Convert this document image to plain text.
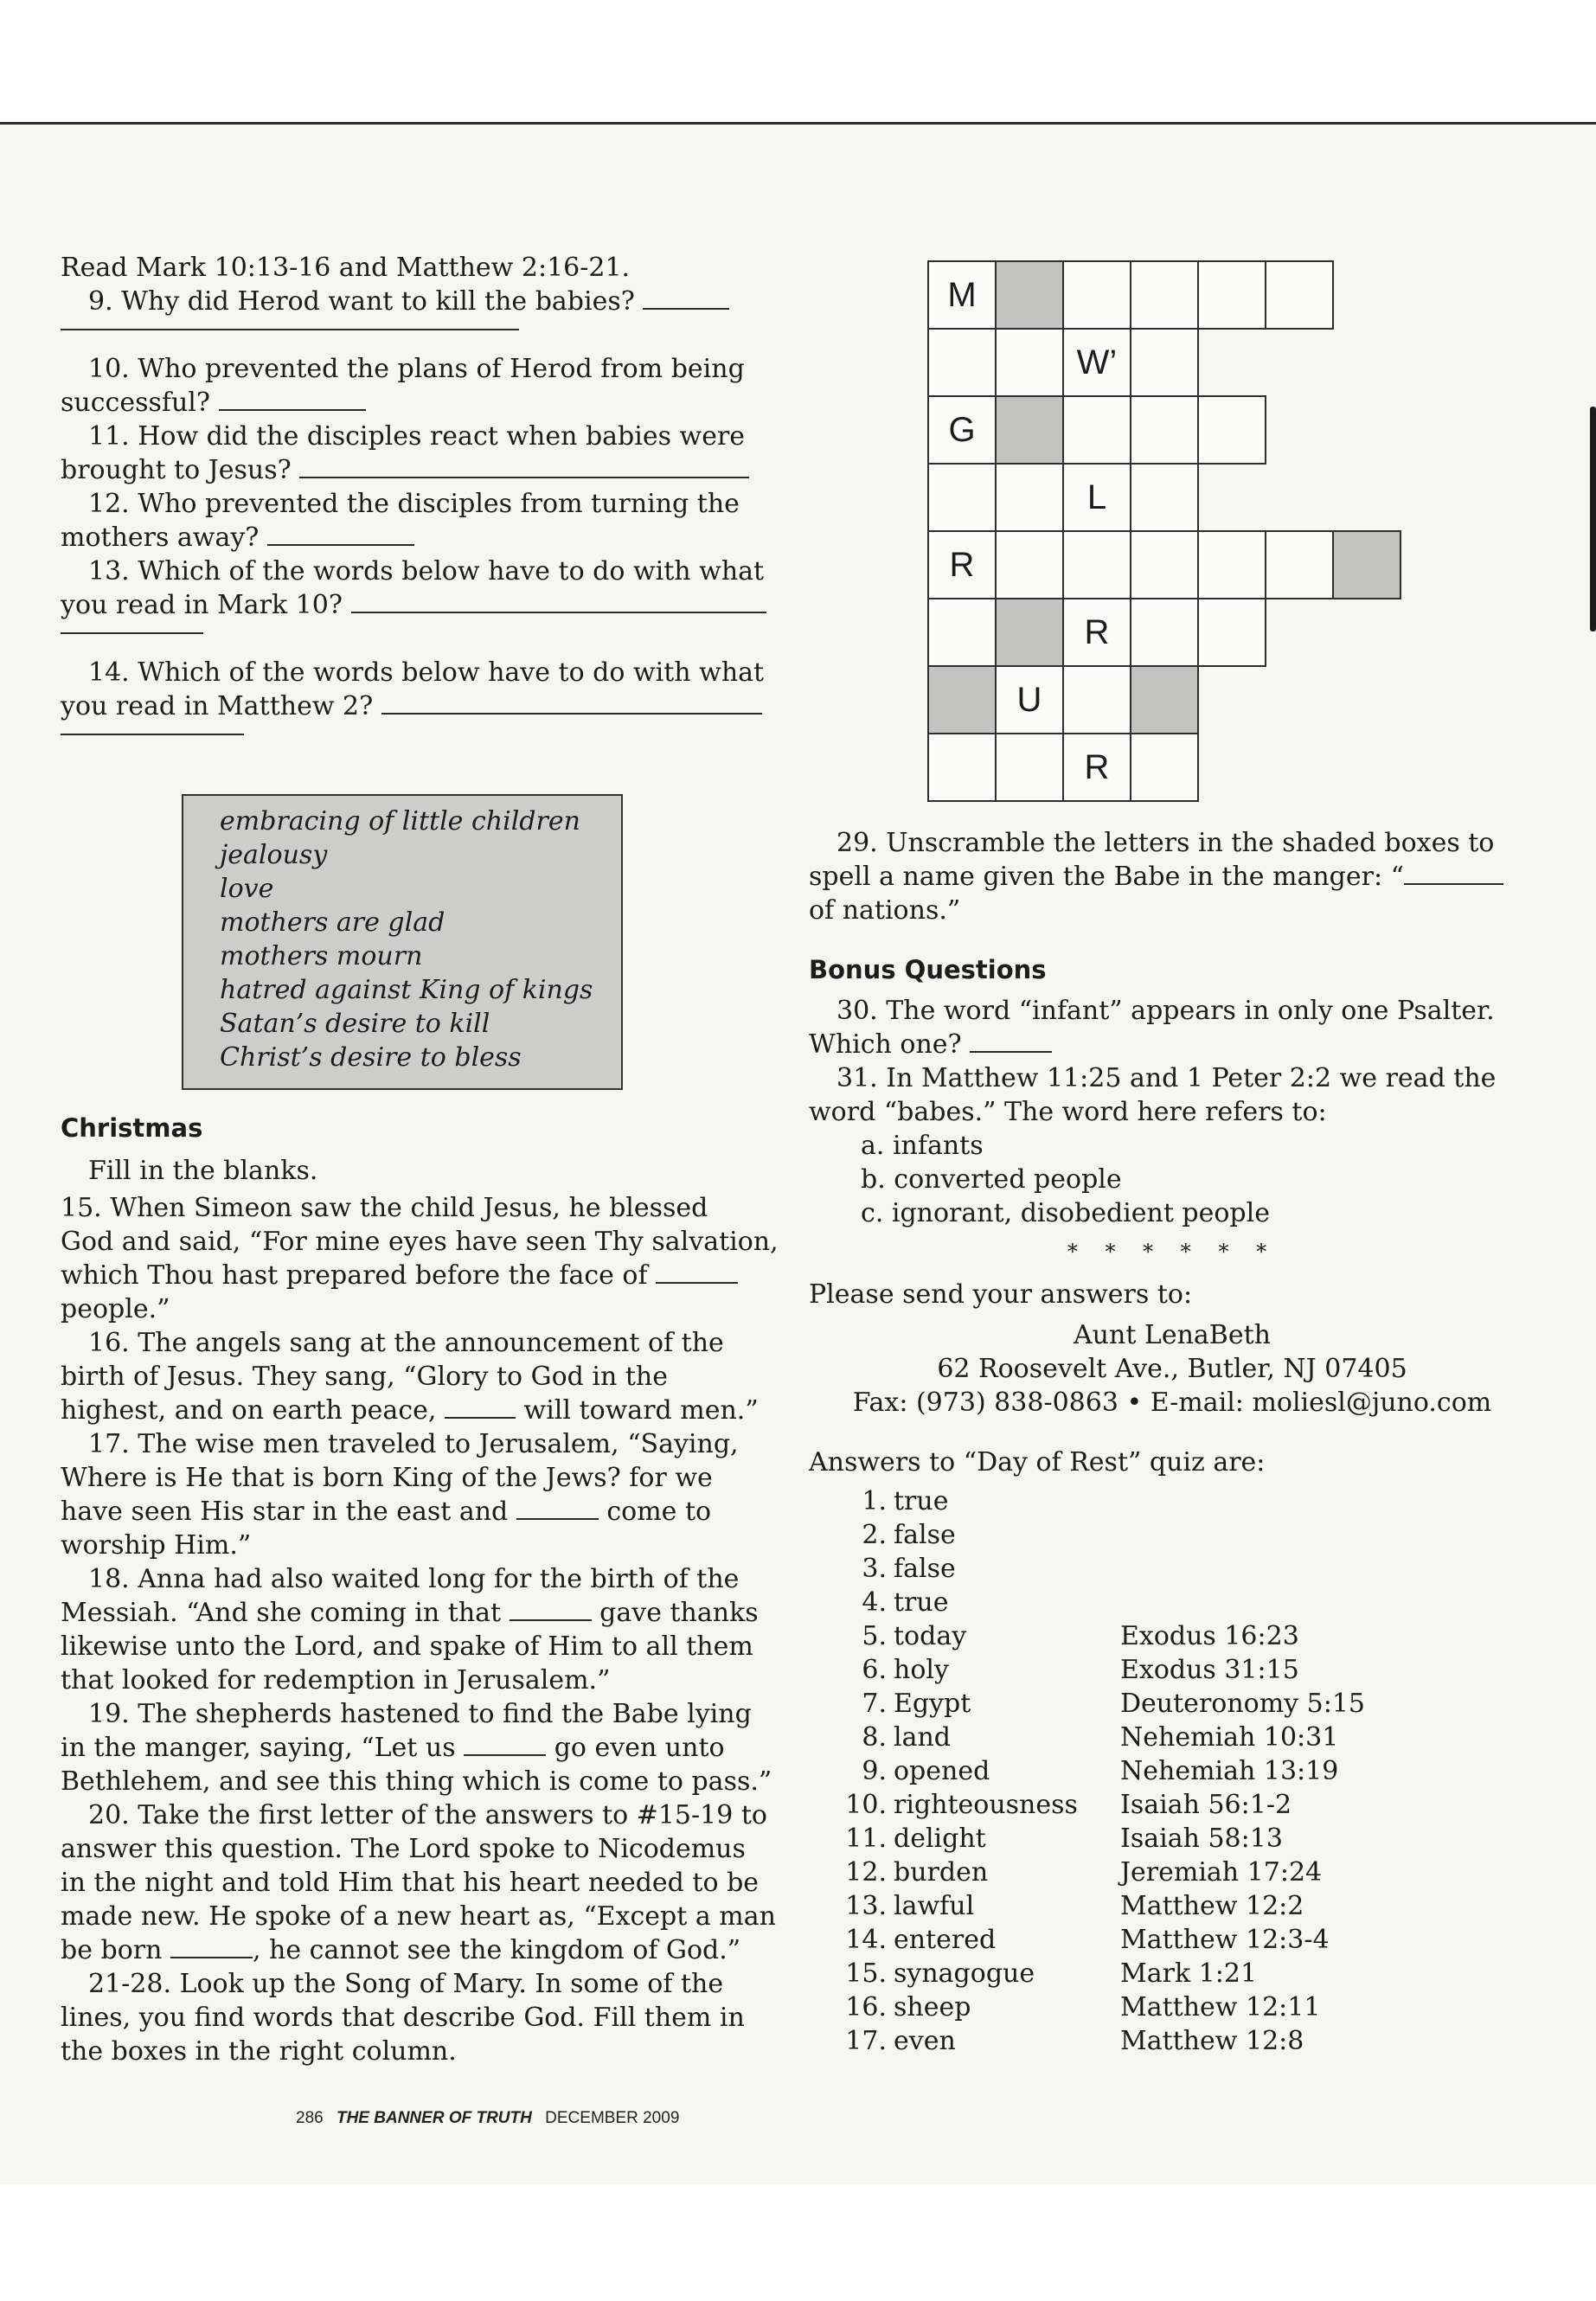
Read Mark 10:13-16 and Matthew 2:16-21.
9. Why did Herod want to kill the babies?
10. Who prevented the plans of Herod from being
successful?
11. How did the disciples react when babies were
brought to Jesus?
12. Who prevented the disciples from turning the
mothers away?
13. Which of the words below have to do with what
you read in Mark 10?
14. Which of the words below have to do with what
you read in Matthew 2?
embracing of little children
jealousy
love
mothers are glad
mothers mourn
hatred against King of kings
Satan’s desire to kill
Christ’s desire to bless
Christmas
Fill in the blanks.
15. When Simeon saw the child Jesus, he blessed
God and said, “For mine eyes have seen Thy salvation,
which Thou hast prepared before the face of
people.”
16. The angels sang at the announcement of the
birth of Jesus. They sang, “Glory to God in the
highest, and on earth peace,	will toward men.”
17. The wise men traveled to Jerusalem, “Saying,
Where is He that is born King of the Jews? for we
have seen His star in the east and	come to
worship Him.”
18. Anna had also waited long for the birth of the
Messiah. “And she coming in that	gave thanks
likewise unto the Lord, and spake of Him to all them
that looked for redemption in Jerusalem.”
19. The shepherds hastened to find the Babe lying
in the manger, saying, “Let us	go even unto
Bethlehem, and see this thing which is come to pass.”
20. Take the first letter of the answers to #15-19 to
answer this question. The Lord spoke to Nicodemus
in the night and told Him that his heart needed to be
made new. He spoke of a new heart as, “Except a man
be born	, he cannot see the kingdom of God.”
21-28. Look up the Song of Mary. In some of the
lines, you find words that describe God. Fill them in
the boxes in the right column.
M
W’
G
L
R
R
U
R
29. Unscramble the letters in the shaded boxes to
spell a name given the Babe in the manger: “
of nations.”
Bonus Questions
30. The word “infant” appears in only one Psalter.
Which one?
31. In Matthew 11:25 and 1 Peter 2:2 we read the
word “babes.” The word here refers to:
a. infants
b. converted people
c. ignorant, disobedient people
* * * * * *
Please send your answers to:
Aunt LenaBeth
62 Roosevelt Ave., Butler, NJ 07405
Fax: (973) 838-0863 • E-mail: moliesl@juno.com
Answers to “Day of Rest” quiz are:
1. true
2. false
3. false
4. true
5. today	Exodus 16:23
6. holy	Exodus 31:15
7. Egypt	Deuteronomy 5:15
8. land	Nehemiah 10:31
9. opened	Nehemiah 13:19
10. righteousness Isaiah 56:1-2
11. delight	Isaiah 58:13
12. burden	Jeremiah 17:24
13. lawful	Matthew 12:2
14. entered	Matthew 12:3-4
15. synagogue	Mark 1:21
16. sheep	Matthew 12:11
17. even	Matthew 12:8
286 THE BANNER OF TRUTH DECEMBER 2009
